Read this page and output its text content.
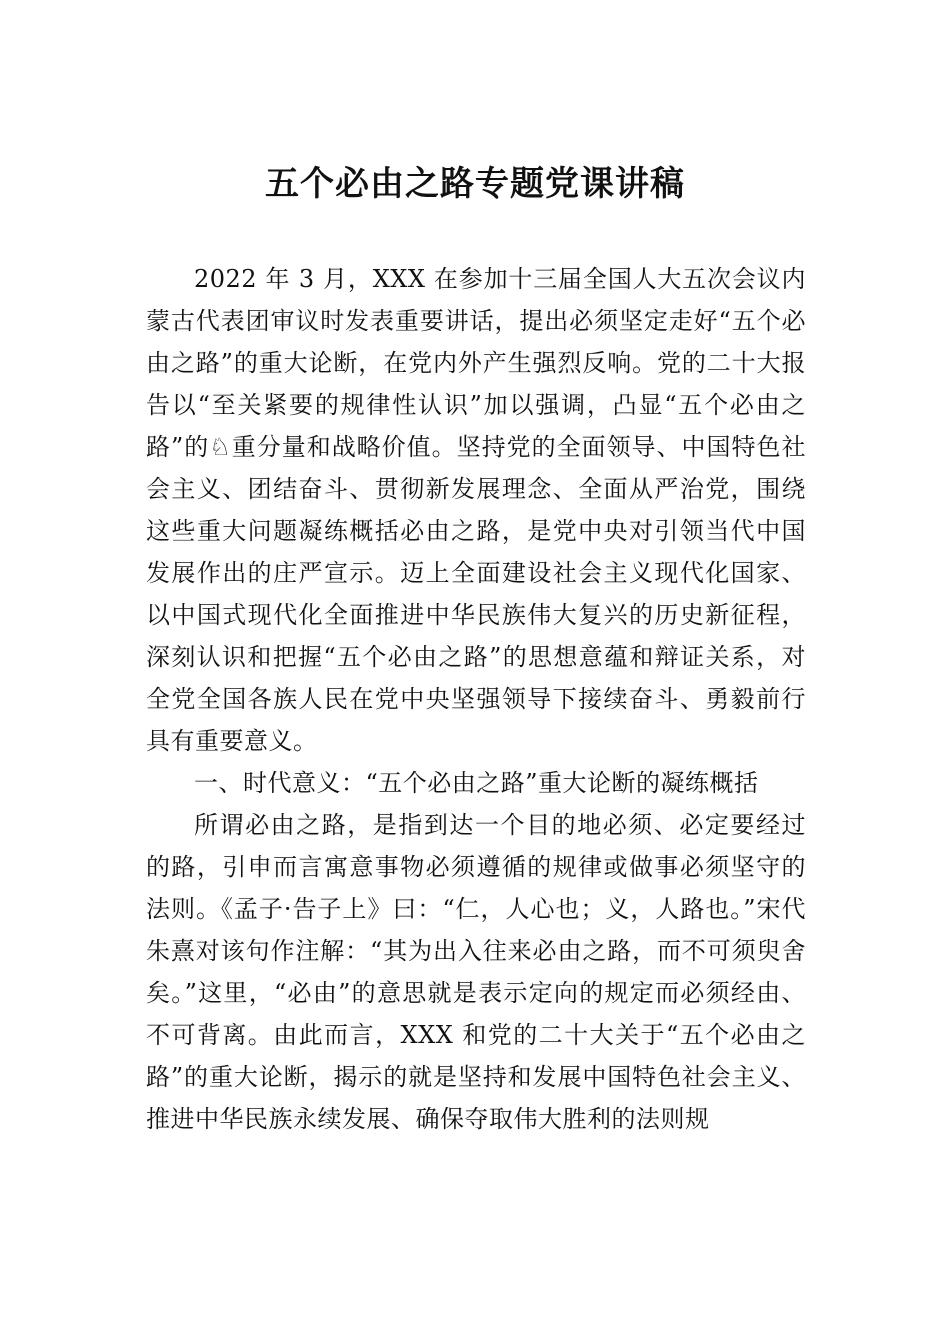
五个必由之路专题党课讲稿

2022 年 3 月，XXX 在参加十三届全国人大五次会议内蒙古代表团审议时发表重要讲话，提出必须坚定走好“五个必由之路”的重大论断，在党内外产生强烈反响。党的二十大报告以“至关紧要的规律性认识”加以强调，凸显“五个必由之路”的♘重分量和战略价值。坚持党的全面领导、中国特色社会主义、团结奋斗、贯彻新发展理念、全面从严治党，围绕这些重大问题凝练概括必由之路，是党中央对引领当代中国发展作出的庄严宣示。迈上全面建设社会主义现代化国家、以中国式现代化全面推进中华民族伟大复兴的历史新征程，深刻认识和把握“五个必由之路”的思想意蕴和辩证关系，对全党全国各族人民在党中央坚强领导下接续奋斗、勇毅前行具有重要意义。

一、时代意义：“五个必由之路”重大论断的凝练概括

所谓必由之路，是指到达一个目的地必须、必定要经过的路，引申而言寓意事物必须遵循的规律或做事必须坚守的法则。《孟子·告子上》曰：“仁，人心也；义，人路也。”宋代朱熹对该句作注解：“其为出入往来必由之路，而不可须臾舍矣。”这里，“必由”的意思就是表示定向的规定而必须经由、不可背离。由此而言，XXX 和党的二十大关于“五个必由之路”的重大论断，揭示的就是坚持和发展中国特色社会主义、推进中华民族永续发展、确保夺取伟大胜利的法则规
